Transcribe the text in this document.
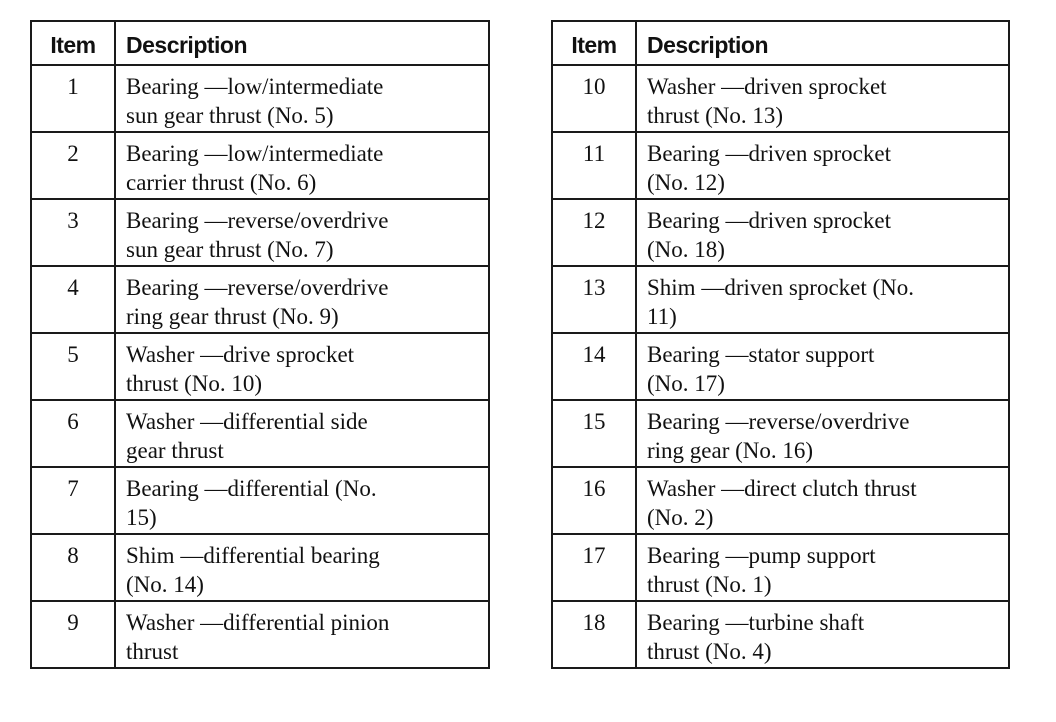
Item	Description
1	Bearing —low/intermediate
sun gear thrust (No. 5)

2	Bearing —low/intermediate
carrier thrust (No. 6)

3	Bearing —reverse/overdrive
sun gear thrust (No. 7)

4	Bearing —reverse/overdrive
ring gear thrust (No. 9)

5	Washer —drive sprocket
thrust (No. 10)

6	Washer —differential side
gear thrust

7	Bearing —differential (No.
15)

8	Shim —differential bearing
(No. 14)

9	Washer —differential pinion
thrust
Item	Description
10	Washer —driven sprocket
thrust (No. 13)

11	Bearing —driven sprocket
(No. 12)

12	Bearing —driven sprocket
(No. 18)

13	Shim —driven sprocket (No.
11)

14	Bearing —stator support
(No. 17)

15	Bearing —reverse/overdrive
ring gear (No. 16)

16	Washer —direct clutch thrust
(No. 2)

17	Bearing —pump support
thrust (No. 1)

18	Bearing —turbine shaft
thrust (No. 4)
